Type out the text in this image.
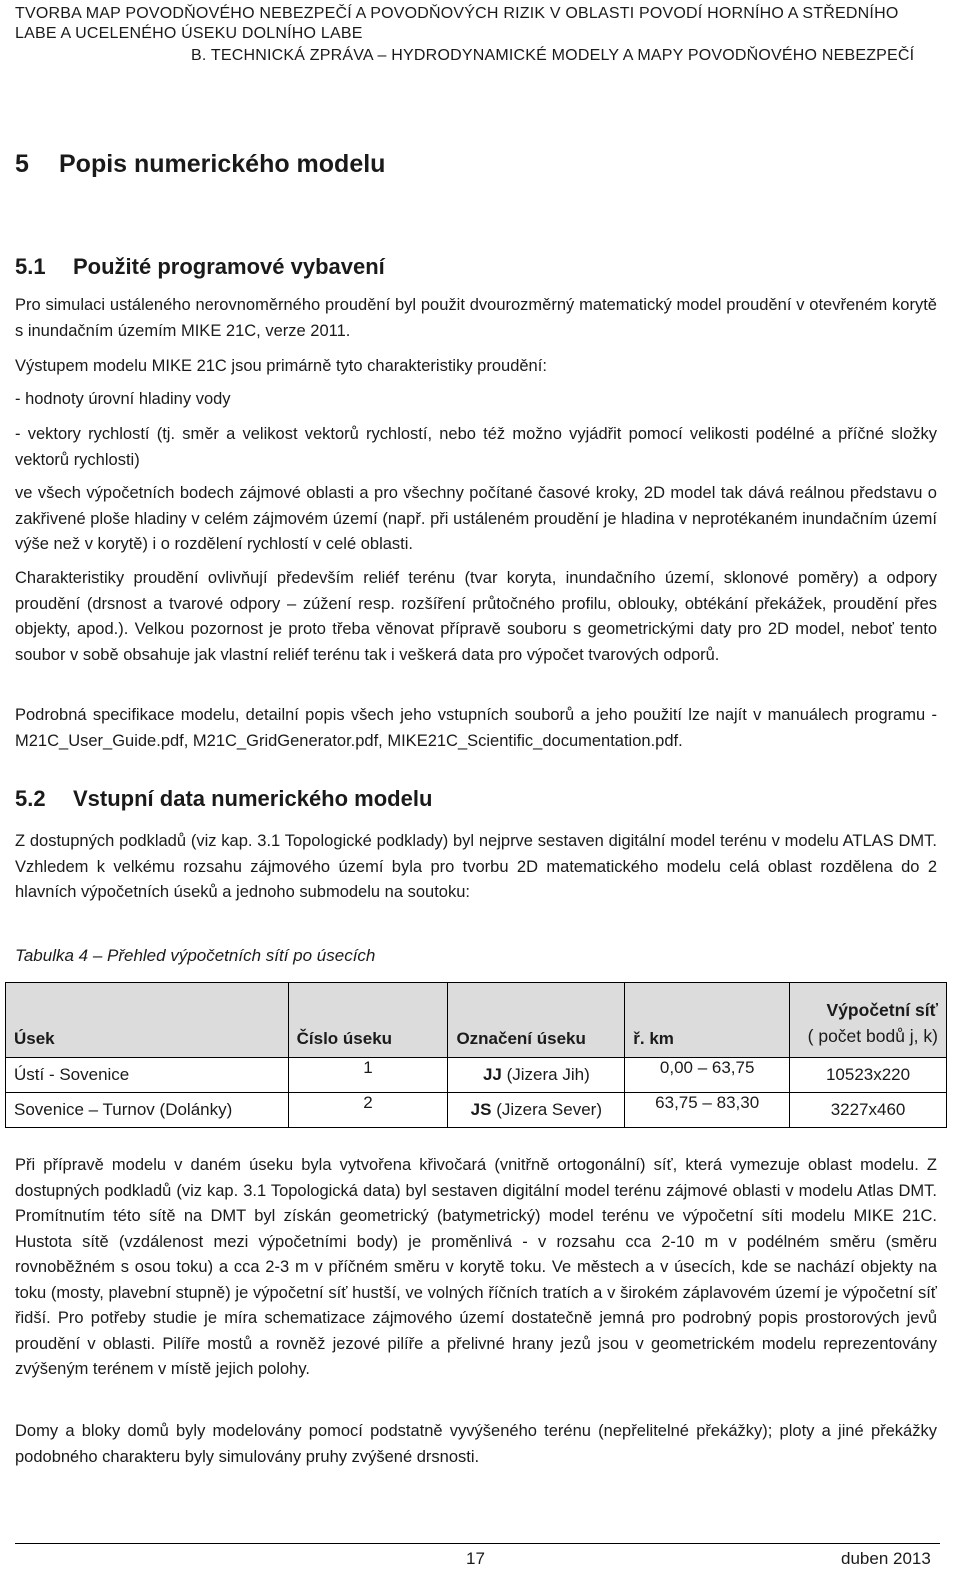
TVORBA MAP POVODŇOVÉHO NEBEZPEČÍ A POVODŇOVÝCH RIZIK V OBLASTI POVODÍ HORNÍHO A STŘEDNÍHO
LABE A UCELENÉHO ÚSEKU DOLNÍHO LABE
B. TECHNICKÁ ZPRÁVA – HYDRODYNAMICKÉ MODELY A MAPY POVODŇOVÉHO NEBEZPEČÍ
5 Popis numerického modelu
5.1 Použité programové vybavení
Pro simulaci ustáleného nerovnoměrného proudění byl použit dvourozměrný matematický model proudění v otevřeném korytě s inundačním územím MIKE 21C, verze 2011.
Výstupem modelu MIKE 21C jsou primárně tyto charakteristiky proudění:
- hodnoty úrovní hladiny vody
- vektory rychlostí (tj. směr a velikost vektorů rychlostí, nebo též možno vyjádřit pomocí velikosti podélné a příčné složky vektorů rychlosti)
ve všech výpočetních bodech zájmové oblasti a pro všechny počítané časové kroky, 2D model tak dává reálnou představu o zakřivené ploše hladiny v celém zájmovém území (např. při ustáleném proudění je hladina v neprotékaném inundačním území výše než v korytě) i o rozdělení rychlostí v celé oblasti.
Charakteristiky proudění ovlivňují především reliéf terénu (tvar koryta, inundačního území, sklonové poměry) a odpory proudění (drsnost a tvarové odpory – zúžení resp. rozšíření průtočného profilu, oblouky, obtékání překážek, proudění přes objekty, apod.). Velkou pozornost je proto třeba věnovat přípravě souboru s geometrickými daty pro 2D model, neboť tento soubor v sobě obsahuje jak vlastní reliéf terénu tak i veškerá data pro výpočet tvarových odporů.
Podrobná specifikace modelu, detailní popis všech jeho vstupních souborů a jeho použití lze najít v manuálech programu - M21C_User_Guide.pdf, M21C_GridGenerator.pdf, MIKE21C_Scientific_documentation.pdf.
5.2 Vstupní data numerického modelu
Z dostupných podkladů (viz kap. 3.1 Topologické podklady) byl nejprve sestaven digitální model terénu v modelu ATLAS DMT. Vzhledem k velkému rozsahu zájmového území byla pro tvorbu 2D matematického modelu celá oblast rozdělena do 2 hlavních výpočetních úseků a jednoho submodelu na soutoku:
Tabulka 4 – Přehled výpočetních sítí po úsecích
Úsek	Číslo úseku	Označení úseku	ř. km	Výpočetní síť
( počet bodů j, k)

Ústí - Sovenice	1	JJ (Jizera Jih)	0,00 – 63,75	10523x220
Sovenice – Turnov (Dolánky)	2	JS (Jizera Sever)	63,75 – 83,30	3227x460
Při přípravě modelu v daném úseku byla vytvořena křivočará (vnitřně ortogonální) síť, která vymezuje oblast modelu. Z dostupných podkladů (viz kap. 3.1 Topologická data) byl sestaven digitální model terénu zájmové oblasti v modelu Atlas DMT. Promítnutím této sítě na DMT byl získán geometrický (batymetrický) model terénu ve výpočetní síti modelu MIKE 21C. Hustota sítě (vzdálenost mezi výpočetními body) je proměnlivá - v rozsahu cca 2-10 m v podélném směru (směru rovnoběžném s osou toku) a cca 2-3 m v příčném směru v korytě toku. Ve městech a v úsecích, kde se nachází objekty na toku (mosty, plavební stupně) je výpočetní síť hustší, ve volných říčních tratích a v širokém záplavovém území je výpočetní síť řidší. Pro potřeby studie je míra schematizace zájmového území dostatečně jemná pro podrobný popis prostorových jevů proudění v oblasti. Pilíře mostů a rovněž jezové pilíře a přelivné hrany jezů jsou v geometrickém modelu reprezentovány zvýšeným terénem v místě jejich polohy.
Domy a bloky domů byly modelovány pomocí podstatně vyvýšeného terénu (nepřelitelné překážky); ploty a jiné překážky podobného charakteru byly simulovány pruhy zvýšené drsnosti.
17	duben 2013
